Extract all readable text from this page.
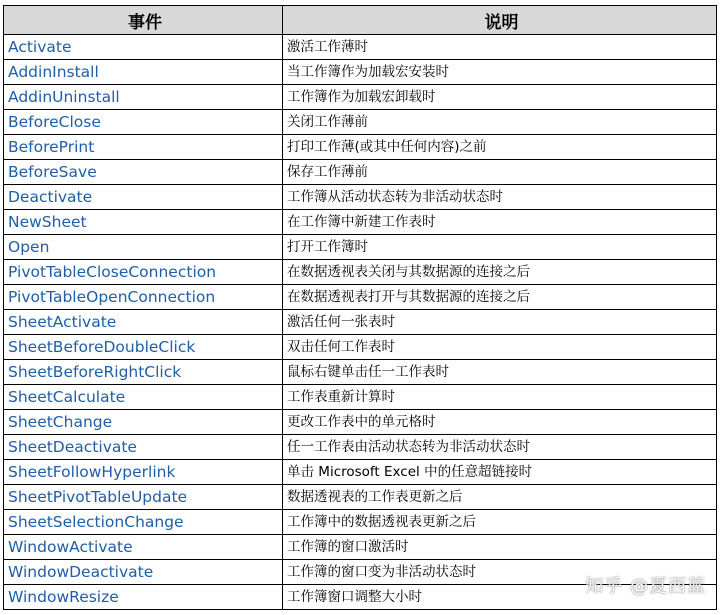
事件	说明
Activate	激活工作薄时
AddinInstall	当工作簿作为加载宏安装时
AddinUninstall	工作簿作为加载宏卸载时
BeforeClose	关闭工作薄前
BeforePrint	打印工作薄(或其中任何内容)之前
BeforeSave	保存工作薄前
Deactivate	工作簿从活动状态转为非活动状态时
NewSheet	在工作簿中新建工作表时
Open	打开工作簿时
PivotTableCloseConnection	在数据透视表关闭与其数据源的连接之后
PivotTableOpenConnection	在数据透视表打开与其数据源的连接之后
SheetActivate	激活任何一张表时
SheetBeforeDoubleClick	双击任何工作表时
SheetBeforeRightClick	鼠标右键单击任一工作表时
SheetCalculate	工作表重新计算时
SheetChange	更改工作表中的单元格时
SheetDeactivate	任一工作表由活动状态转为非活动状态时
SheetFollowHyperlink	单击 Microsoft Excel 中的任意超链接时
SheetPivotTableUpdate	数据透视表的工作表更新之后
SheetSelectionChange	工作簿中的数据透视表更新之后
WindowActivate	工作簿的窗口激活时
WindowDeactivate	工作簿的窗口变为非活动状态时
WindowResize	工作簿窗口调整大小时	知乎 @夏西蓝
